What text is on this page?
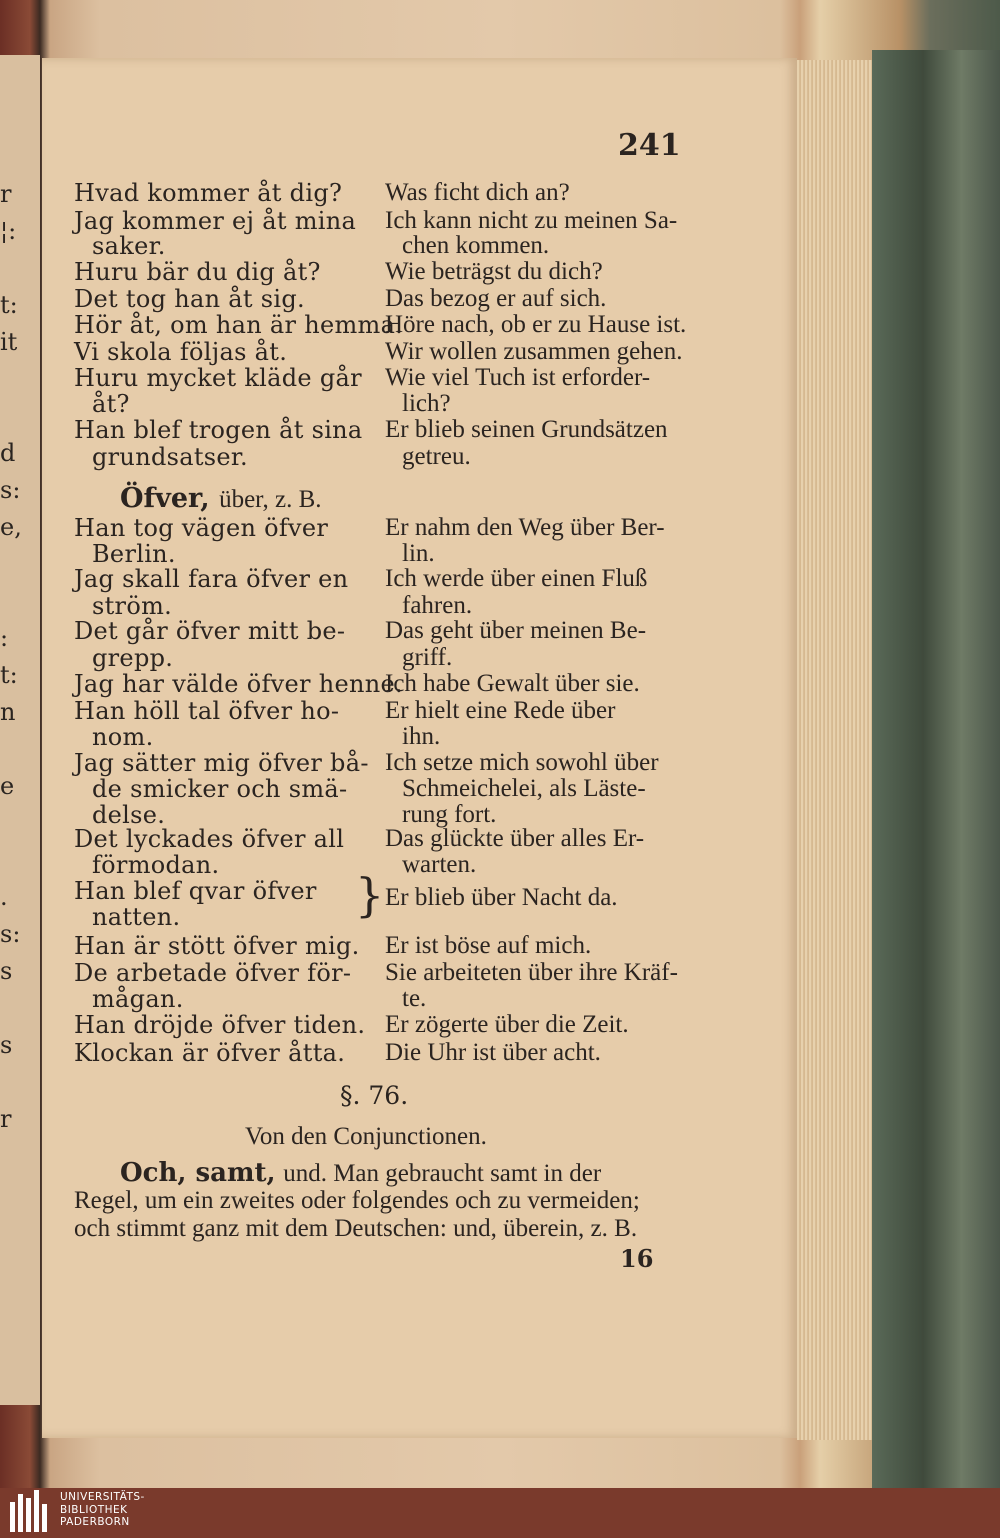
r
¦:
t:
it
d
s:
e,
:
t:
n
e
.
s:
s
s
r
241
Hvad kommer åt dig?
Jag kommer ej åt mina
saker.
Huru bär du dig åt?
Det tog han åt sig.
Hör åt, om han är hemma.
Vi skola följas åt.
Huru mycket kläde går
åt?
Han blef trogen åt sina
grundsatser.
Han tog vägen öfver
Berlin.
Jag skall fara öfver en
ström.
Det går öfver mitt be-
grepp.
Jag har välde öfver henne.
Han höll tal öfver ho-
nom.
Jag sätter mig öfver bå-
de smicker och smä-
delse.
Det lyckades öfver all
förmodan.
Han blef qvar öfver
natten.
Han är stött öfver mig.
De arbetade öfver för-
mågan.
Han dröjde öfver tiden.
Klockan är öfver åtta.
Was ficht dich an?
Ich kann nicht zu meinen Sa-
chen kommen.
Wie beträgst du dich?
Das bezog er auf sich.
Höre nach, ob er zu Hause ist.
Wir wollen zusammen gehen.
Wie viel Tuch ist erforder-
lich?
Er blieb seinen Grundsätzen
getreu.
Er nahm den Weg über Ber-
lin.
Ich werde über einen Fluß
fahren.
Das geht über meinen Be-
griff.
Ich habe Gewalt über sie.
Er hielt eine Rede über
ihn.
Ich setze mich sowohl über
Schmeichelei, als Läste-
rung fort.
Das glückte über alles Er-
warten.
Er blieb über Nacht da.
Er ist böse auf mich.
Sie arbeiteten über ihre Kräf-
te.
Er zögerte über die Zeit.
Die Uhr ist über acht.
Öfver, über, z. B.
}
§. 76.
Von den Conjunctionen.
Och, samt, und. Man gebraucht samt in der
Regel, um ein zweites oder folgendes och zu vermeiden;
och stimmt ganz mit dem Deutschen: und, überein, z. B.
16
UNIVERSITÄTS-
BIBLIOTHEK
PADERBORN
